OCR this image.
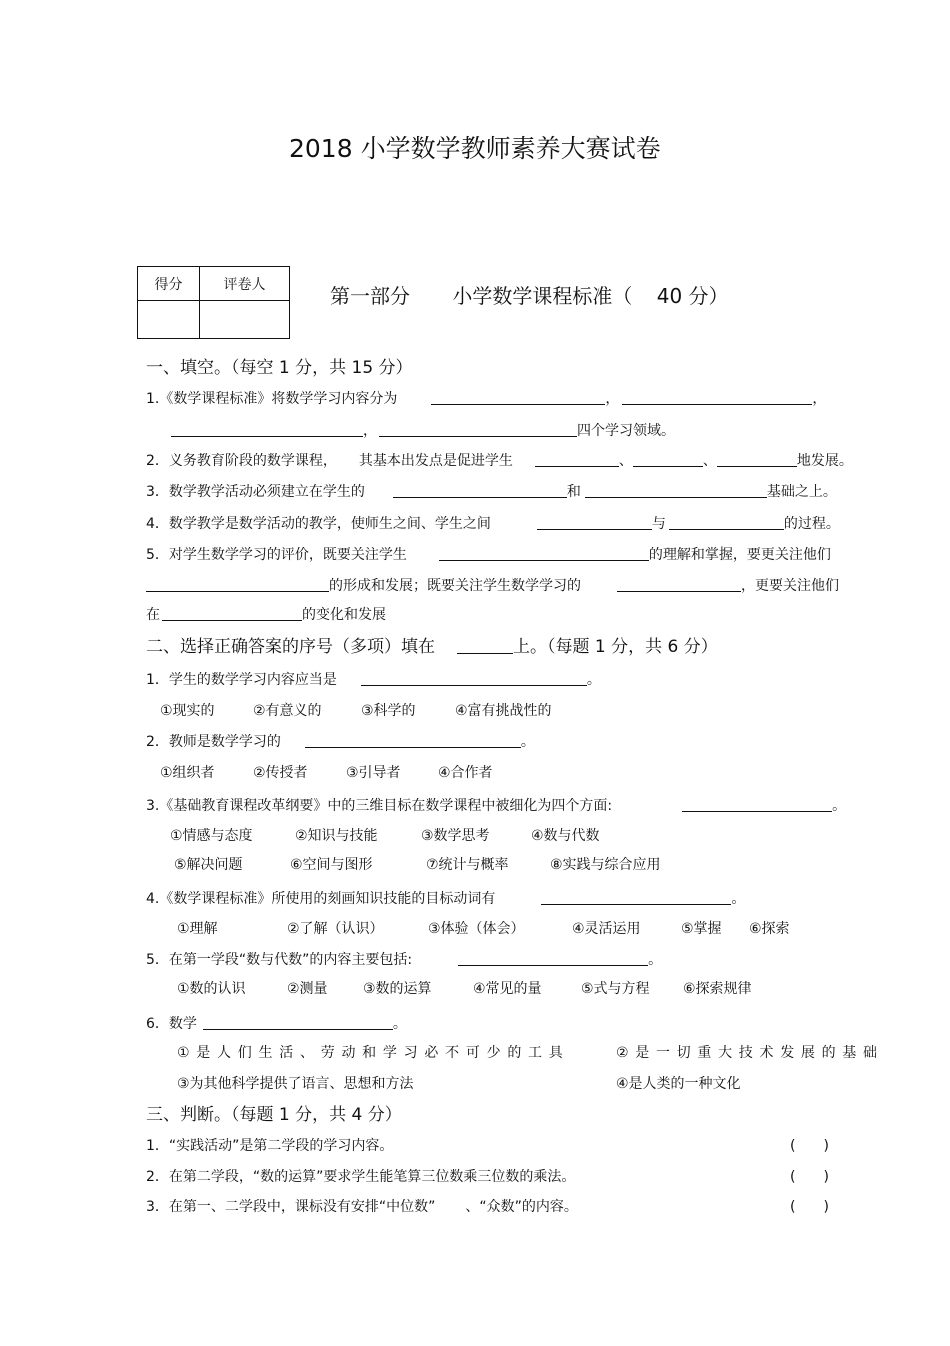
2018 小学数学教师素养大赛试卷
得分	评卷人
		第一部分 小学数学课程标准（ 40 分）
一、填空。（每空 1 分，共 15 分）
1.《数学课程标准》将数学学习内容分为	，	，
，	四个学习领域。
2．义务教育阶段的数学课程， 其基本出发点是促进学生	、	、	地发展。
3．数学教学活动必须建立在学生的	和	基础之上。
4．数学教学是数学活动的教学，使师生之间、学生之间	与	的过程。
5．对学生数学学习的评价，既要关注学生	的理解和掌握，要更关注他们
的形成和发展；既要关注学生数学学习的	，更要关注他们
在	的变化和发展
二、选择正确答案的序号（多项）填在	上。（每题 1 分，共 6 分）
1．学生的数学学习内容应当是	。
①现实的	②有意义的	③科学的	④富有挑战性的
2．教师是数学学习的	。
①组织者	②传授者	③引导者	④合作者
3.《基础教育课程改革纲要》中的三维目标在数学课程中被细化为四个方面:	。
①情感与态度	②知识与技能	③数学思考	④数与代数
⑤解决问题	⑥空间与图形	⑦统计与概率	⑧实践与综合应用
4.《数学课程标准》所使用的刻画知识技能的目标动词有	。
①理解	②了解（认识）	③体验（体会）	④灵活运用	⑤掌握 ⑥探索
5．在第一学段“数与代数”的内容主要包括:	。
①数的认识	②测量	③数的运算	④常见的量	⑤式与方程 ⑥探索规律
6．数学	。
① 是 人 们 生 活 、 劳 动 和 学 习 必 不 可 少 的 工 具	② 是 一 切 重 大 技 术 发 展 的 基 础
③为其他科学提供了语言、思想和方法	④是人类的一种文化
三、判断。（每题 1 分，共 4 分）
1．“实践活动”是第二学段的学习内容。	(　　)
2．在第二学段，“数的运算”要求学生能笔算三位数乘三位数的乘法。	(　　)
3．在第一、二学段中，课标没有安排“中位数” 、“众数”的内容。	(　　)
